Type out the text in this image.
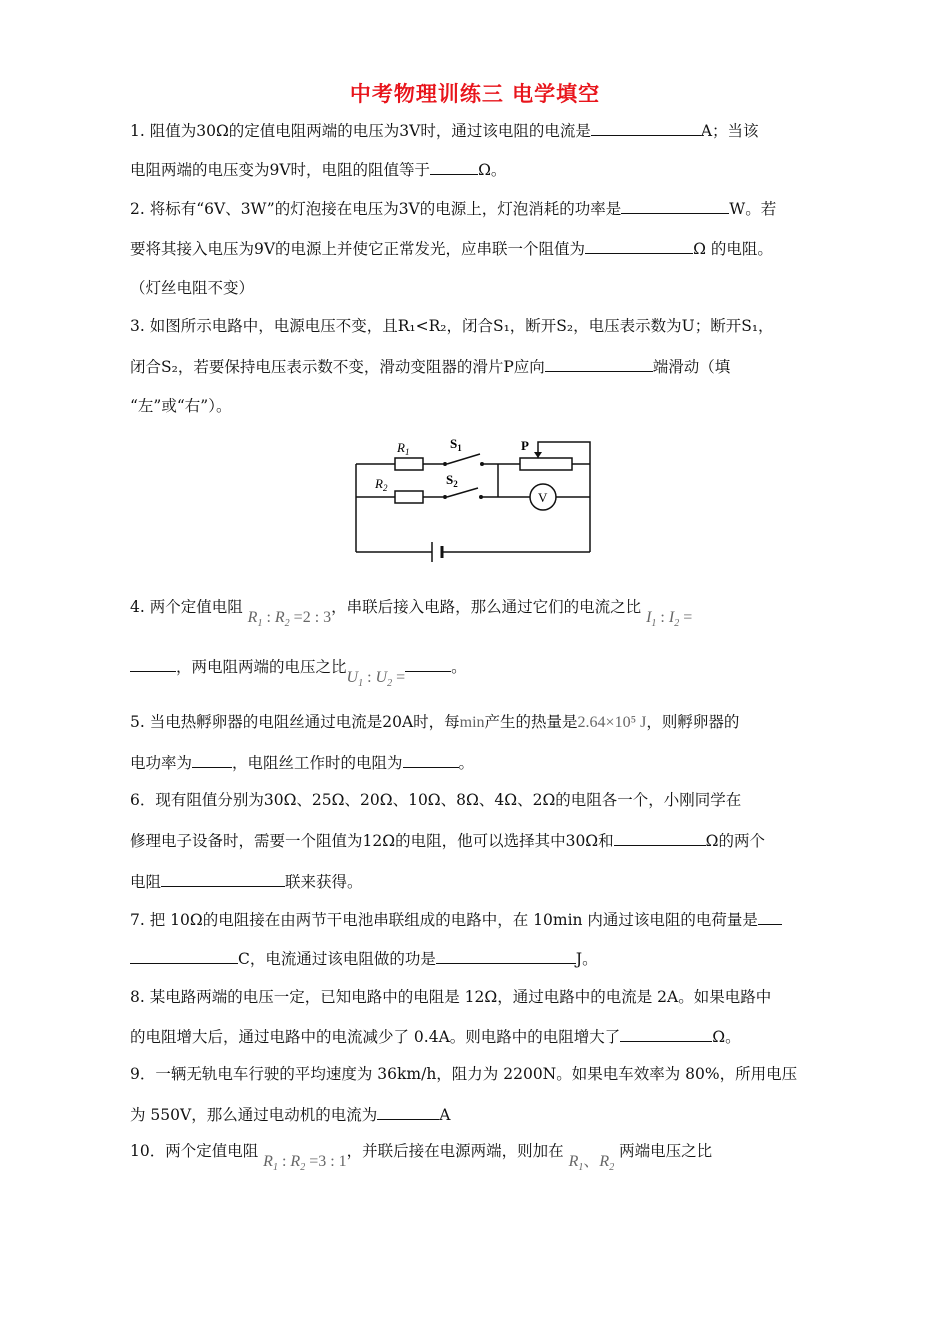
中考物理训练三 电学填空
1. 阻值为30Ω的定值电阻两端的电压为3V时，通过该电阻的电流是	A；当该
电阻两端的电压变为9V时，电阻的阻值等于	Ω。
2. 将标有“6V、3W”的灯泡接在电压为3V的电源上，灯泡消耗的功率是	W。若
要将其接入电压为9V的电源上并使它正常发光，应串联一个阻值为	Ω 的电阻。
（灯丝电阻不变）
3. 如图所示电路中，电源电压不变，且R₁<R₂，闭合S₁，断开S₂，电压表示数为U；断开S₁，
闭合S₂，若要保持电压表示数不变，滑动变阻器的滑片P应向	端滑动（填
“左”或“右”）。
$R_1$
$S_1$	P
$R_2$
$S_2$
V
4. 两个定值电阻 $R_1$ : $R_2 =2$ : 3，串联后接入电路，那么通过它们的电流之比 $I_1$ : $I_2$ =
，两电阻两端的电压之比$U_1$ : $U_2$ =。
5. 当电热孵卵器的电阻丝通过电流是20A时，每min产生的热量是2.64×10⁵ J，则孵卵器的
电功率为	，电阻丝工作时的电阻为	。
6．现有阻值分别为30Ω、25Ω、20Ω、10Ω、8Ω、4Ω、2Ω的电阻各一个，小刚同学在
修理电子设备时，需要一个阻值为12Ω的电阻，他可以选择其中30Ω和	Ω的两个
电阻	联来获得。
7. 把 10Ω的电阻接在由两节干电池串联组成的电路中，在 10min 内通过该电阻的电荷量是
C，电流通过该电阻做的功是	J。
8. 某电路两端的电压一定，已知电路中的电阻是 12Ω，通过电路中的电流是 2A。如果电路中
的电阻增大后，通过电路中的电流减少了 0.4A。则电路中的电阻增大了	Ω。
9．一辆无轨电车行驶的平均速度为 36km/h，阻力为 2200N。如果电车效率为 80%，所用电压
为 550V，那么通过电动机的电流为	A
10．两个定值电阻 $R_1$ : $R_2 =3$ : 1，并联后接在电源两端，则加在 $R_1$、$R_2$ 两端电压之比
